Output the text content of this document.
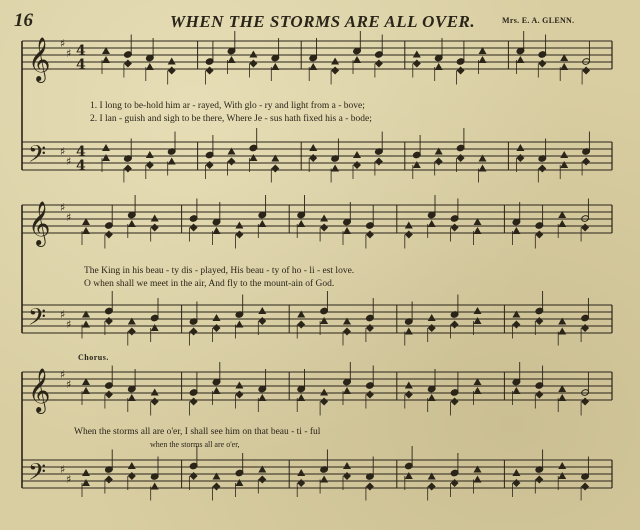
16	WHEN THE STORMS ARE ALL OVER.	Mrs. E. A. GLENN.
𝄞
𝄢
♯
♯
♯
♯
4
4
4
4
𝄞
𝄢
♯
♯
♯
♯
𝄞
𝄢
♯
♯
♯
♯
1. I long to be-hold him ar - rayed, With glo - ry and light from a - bove;
2. I lan - guish and sigh to be there, Where Je - sus hath fixed his a - bode;
The King in his beau - ty dis - played, His beau - ty of ho - li - est love.
O when shall we meet in the air, And fly to the mount-ain of God.
Chorus.
When the storms all are o'er, I shall see him on that beau - ti - ful
when the storms all are o'er,
